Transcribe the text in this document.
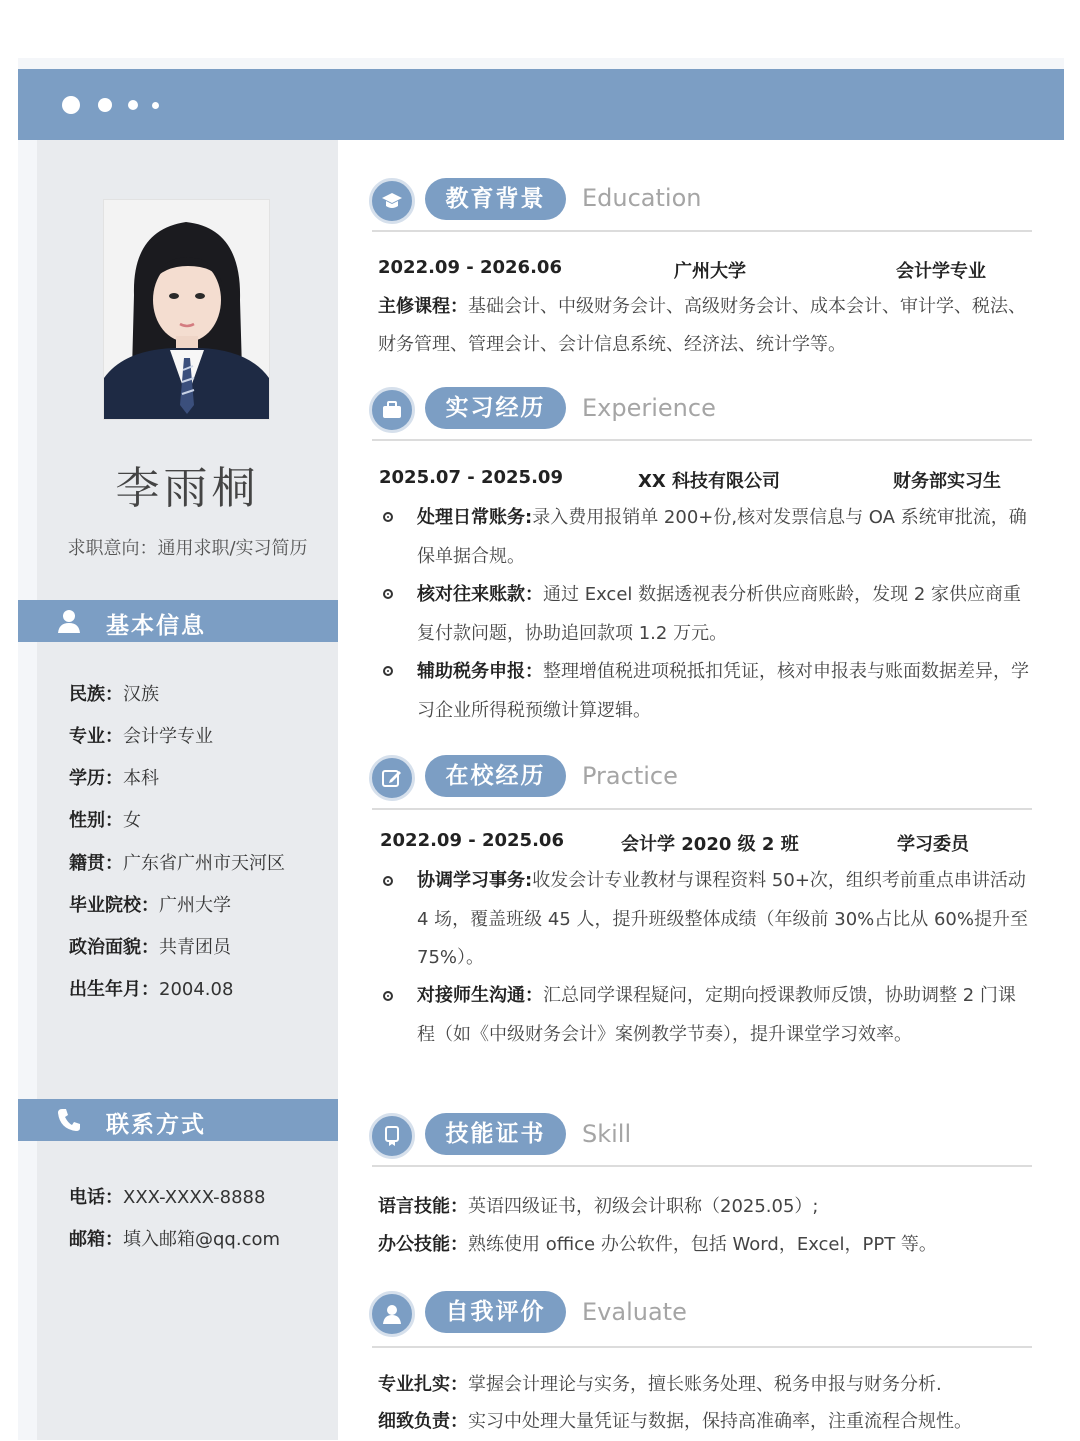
李雨桐
求职意向：通用求职/实习简历
基本信息
民族：汉族
专业：会计学专业
学历：本科
性别：女
籍贯：广东省广州市天河区
毕业院校：广州大学
政治面貌：共青团员
出生年月：2004.08
联系方式
电话：XXX-XXXX-8888
邮箱：填入邮箱@qq.com
教育背景	Education
2022.09 - 2026.06	广州大学	会计学专业
主修课程：基础会计、中级财务会计、高级财务会计、成本会计、审计学、税法、财务管理、管理会计、会计信息系统、经济法、统计学等。
实习经历	Experience
2025.07 - 2025.09	XX 科技有限公司	财务部实习生
处理日常账务:录入费用报销单 200+份,核对发票信息与 OA 系统审批流，确保单据合规。
核对往来账款：通过 Excel 数据透视表分析供应商账龄，发现 2 家供应商重复付款问题，协助追回款项 1.2 万元。
辅助税务申报：整理增值税进项税抵扣凭证，核对申报表与账面数据差异，学习企业所得税预缴计算逻辑。
在校经历	Practice
2022.09 - 2025.06	会计学 2020 级 2 班	学习委员
协调学习事务:收发会计专业教材与课程资料 50+次，组织考前重点串讲活动 4 场，覆盖班级 45 人，提升班级整体成绩（年级前 30%占比从 60%提升至 75%）。
对接师生沟通：汇总同学课程疑问，定期向授课教师反馈，协助调整 2 门课程（如《中级财务会计》案例教学节奏），提升课堂学习效率。
技能证书	Skill
语言技能：英语四级证书，初级会计职称（2025.05）;
办公技能：熟练使用 office 办公软件，包括 Word，Excel，PPT 等。
自我评价	Evaluate
专业扎实：掌握会计理论与实务，擅长账务处理、税务申报与财务分析.
细致负责：实习中处理大量凭证与数据，保持高准确率，注重流程合规性。
